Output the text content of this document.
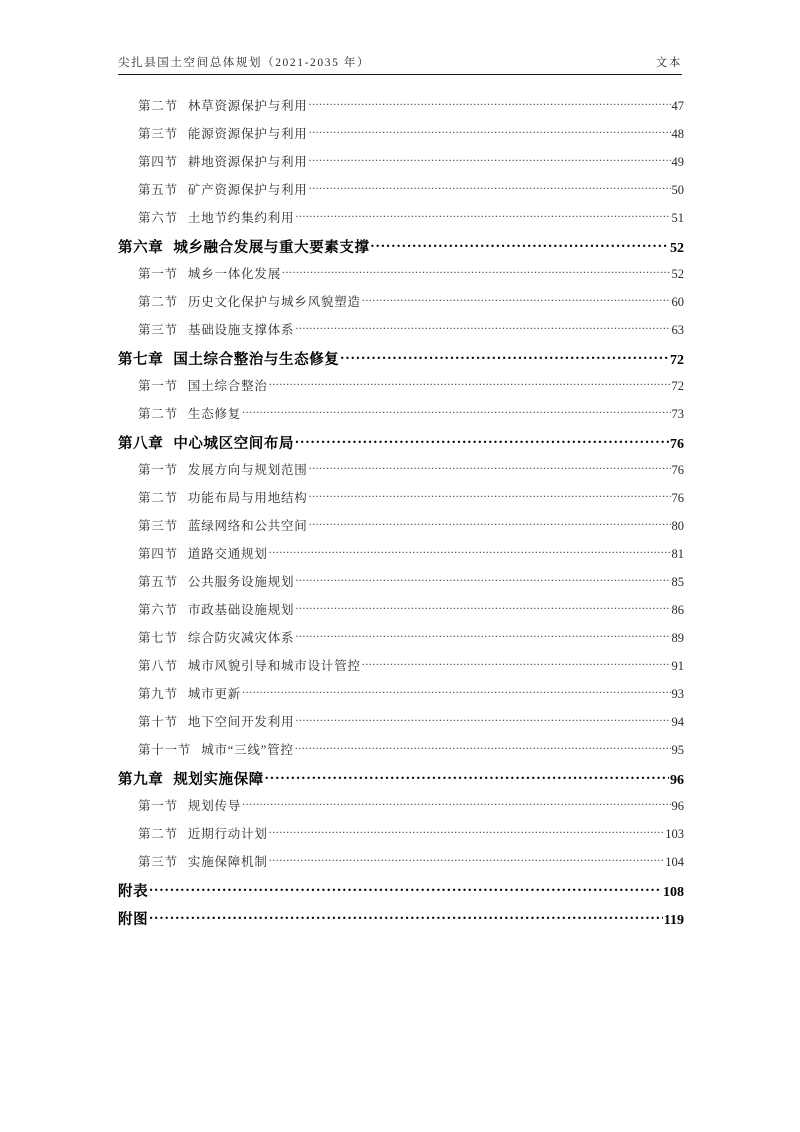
尖扎县国土空间总体规划（2021-2035 年）	文本
第二节 林草资源保护与利用 .....	47
第三节 能源资源保护与利用 .....	48
第四节 耕地资源保护与利用 .....	49
第五节 矿产资源保护与利用 .....	50
第六节 土地节约集约利用 .....	51
第六章 城乡融合发展与重大要素支撑 .....	52
第一节 城乡一体化发展 .....	52
第二节 历史文化保护与城乡风貌塑造 .....	60
第三节 基础设施支撑体系 .....	63
第七章 国土综合整治与生态修复 .....	72
第一节 国土综合整治 .....	72
第二节 生态修复 .....	73
第八章 中心城区空间布局 .....	76
第一节 发展方向与规划范围 .....	76
第二节 功能布局与用地结构 .....	76
第三节 蓝绿网络和公共空间 .....	80
第四节 道路交通规划 .....	81
第五节 公共服务设施规划 .....	85
第六节 市政基础设施规划 .....	86
第七节 综合防灾减灾体系 .....	89
第八节 城市风貌引导和城市设计管控 .....	91
第九节 城市更新 .....	93
第十节 地下空间开发利用 .....	94
第十一节 城市“三线”管控 .....	95
第九章 规划实施保障 .....	96
第一节 规划传导 .....	96
第二节 近期行动计划 .....	103
第三节 实施保障机制 .....	104
附表 .....	108
附图 .....	119
